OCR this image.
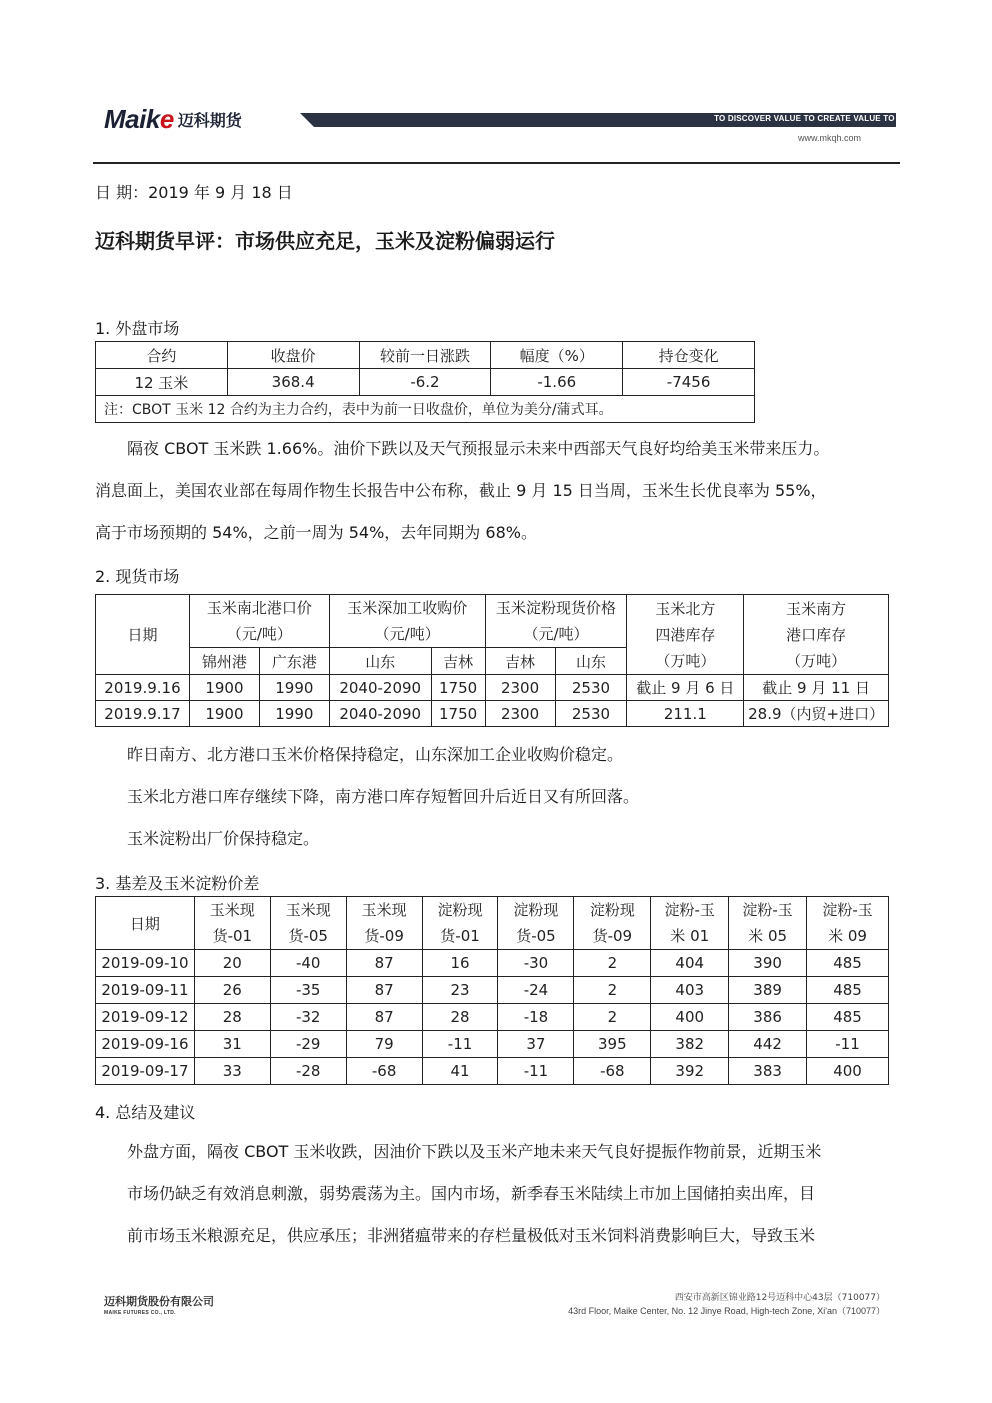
Maike 迈科期货	TO DISCOVER VALUE TO CREATE VALUE TO SHARE VALUE
www.mkqh.com
日 期：2019 年 9 月 18 日
迈科期货早评：市场供应充足，玉米及淀粉偏弱运行
1. 外盘市场
合约	收盘价	较前一日涨跌	幅度（%）	持仓变化
12 玉米	368.4	-6.2	-1.66	-7456
注：CBOT 玉米 12 合约为主力合约，表中为前一日收盘价，单位为美分/蒲式耳。				

　　隔夜 CBOT 玉米跌 1.66%。油价下跌以及天气预报显示未来中西部天气良好均给美玉米带来压力。

消息面上，美国农业部在每周作物生长报告中公布称，截止 9 月 15 日当周，玉米生长优良率为 55%，

高于市场预期的 54%，之前一周为 54%，去年同期为 68%。

2. 现货市场
日期	玉米南北港口价
（元/吨）		玉米深加工收购价
（元/吨）		玉米淀粉现货价格
（元/吨）		玉米北方
四港库存
（万吨）	玉米南方
港口库存
（万吨）

	锦州港	广东港	山东	吉林	吉林	山东		
2019.9.16	1900	1990	2040-2090	1750	2300	2530	截止 9 月 6 日	截止 9 月 11 日
2019.9.17	1900	1990	2040-2090	1750	2300	2530	211.1	28.9（内贸+进口）

　　昨日南方、北方港口玉米价格保持稳定，山东深加工企业收购价稳定。

　　玉米北方港口库存继续下降，南方港口库存短暂回升后近日又有所回落。

　　玉米淀粉出厂价保持稳定。

3. 基差及玉米淀粉价差
日期	玉米现
货-01	玉米现
货-05	玉米现
货-09	淀粉现
货-01	淀粉现
货-05	淀粉现
货-09	淀粉-玉
米 01	淀粉-玉
米 05	淀粉-玉
米 09
2019-09-10	20	-40	87	16	-30	2	404	390	485
2019-09-11	26	-35	87	23	-24	2	403	389	485
2019-09-12	28	-32	87	28	-18	2	400	386	485
2019-09-16	31	-29	79	-11	37	395	382	442	-11
2019-09-17	33	-28	-68	41	-11	-68	392	383	400
4. 总结及建议

　　外盘方面，隔夜 CBOT 玉米收跌，因油价下跌以及玉米产地未来天气良好提振作物前景，近期玉米

　　市场仍缺乏有效消息刺激，弱势震荡为主。国内市场，新季春玉米陆续上市加上国储拍卖出库，目

　　前市场玉米粮源充足，供应承压；非洲猪瘟带来的存栏量极低对玉米饲料消费影响巨大，导致玉米

迈科期货股份有限公司
MAIKE FUTURES CO., LTD.
西安市高新区锦业路12号迈科中心43层（710077）
43rd Floor, Maike Center, No. 12 Jinye Road, High-tech Zone, Xi'an（710077）
